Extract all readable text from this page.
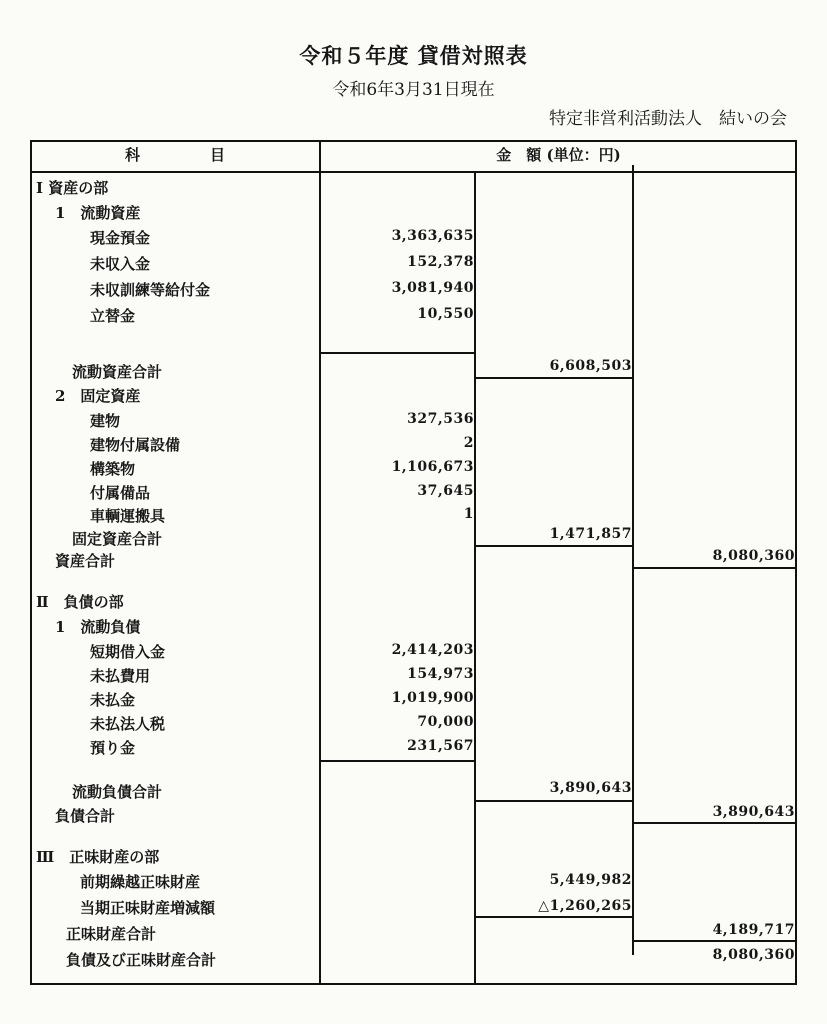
令和５年度 貸借対照表
令和6年3月31日現在
特定非営利活動法人　結いの会
科目	金　額 (単位：円)
Ⅰ 資産の部
1　流動資産
現金預金	3,363,635
未収入金	152,378
未収訓練等給付金	3,081,940
立替金	10,550
流動資産合計	6,608,503
2　固定資産
建物	327,536
建物付属設備	2
構築物	1,106,673
付属備品	37,645
車輌運搬具	1
固定資産合計	1,471,857
資産合計	8,080,360
Ⅱ　負債の部
1　流動負債
短期借入金	2,414,203
未払費用	154,973
未払金	1,019,900
未払法人税	70,000
預り金	231,567
流動負債合計	3,890,643
負債合計	3,890,643
Ⅲ　正味財産の部
前期繰越正味財産	5,449,982
当期正味財産増減額	△1,260,265
正味財産合計	4,189,717
負債及び正味財産合計	8,080,360
